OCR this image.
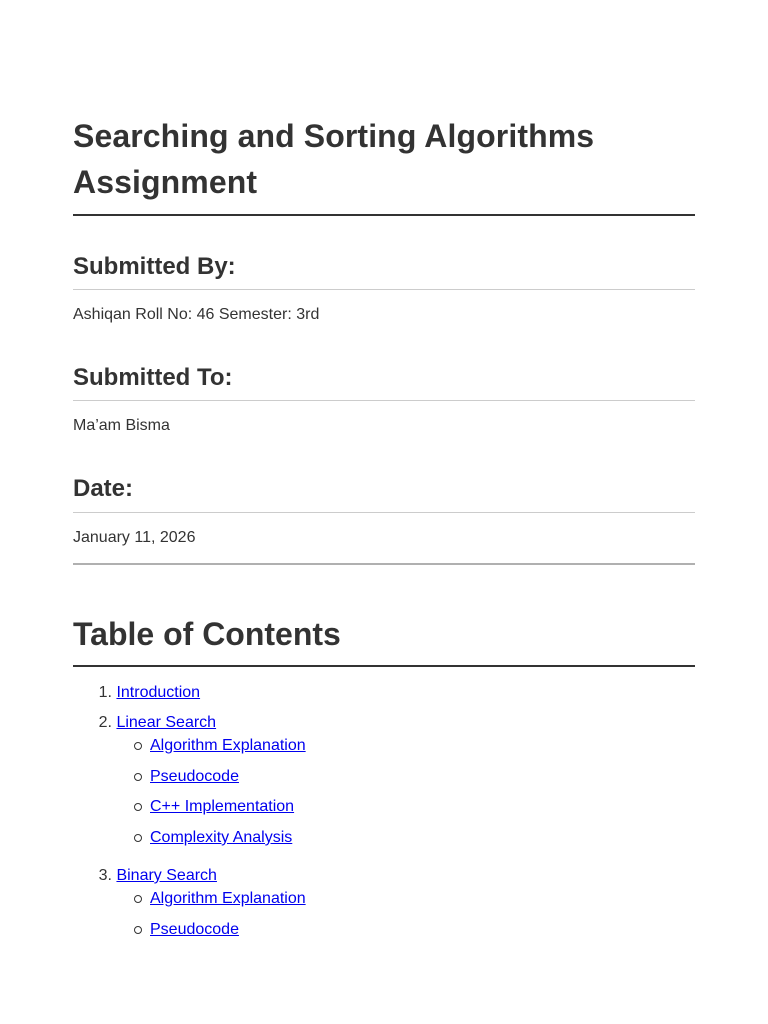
Searching and Sorting Algorithms Assignment
Submitted By:

Ashiqan Roll No: 46 Semester: 3rd

Submitted To:

Ma’am Bisma

Date:

January 11, 2026

Table of Contents
1. Introduction
2. Linear Search
Algorithm Explanation
Pseudocode
C++ Implementation
Complexity Analysis
3. Binary Search
Algorithm Explanation
Pseudocode
